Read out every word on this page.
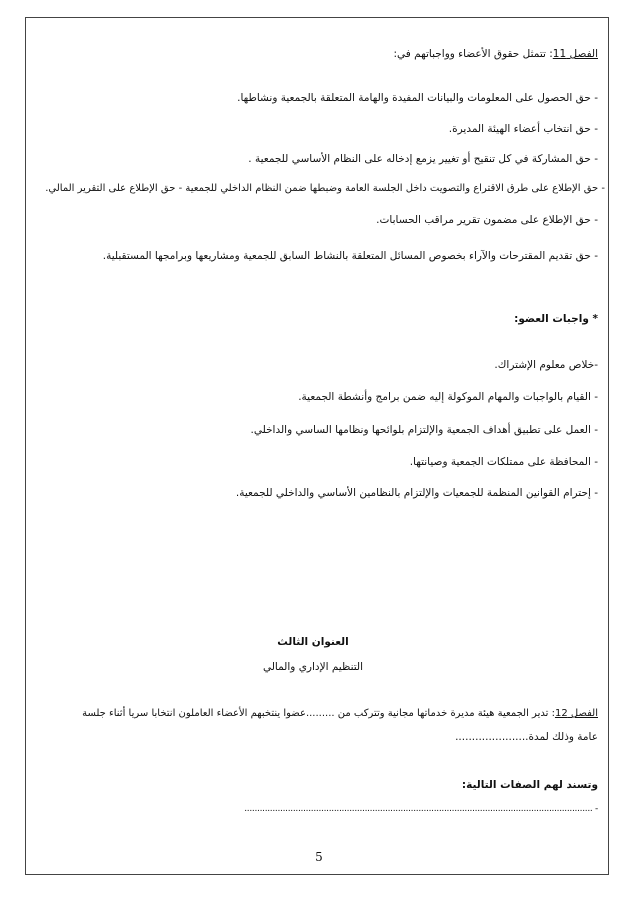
الفصل 11: تتمثل حقوق الأعضاء وواجباتهم في:
- حق الحصول على المعلومات والبيانات المفيدة والهامة المتعلقة بالجمعية ونشاطها.
- حق انتخاب أعضاء الهيئة المديرة.
- حق المشاركة في كل تنقيح أو تغيير يزمع إدخاله على النظام الأساسي للجمعية .
- حق الإطلاع على طرق الاقتراع والتصويت داخل الجلسة العامة وضبطها ضمن النظام الداخلي للجمعية - حق الإطلاع على التقرير المالي.
- حق الإطلاع على مضمون تقرير مراقب الحسابات.
- حق تقديم المقترحات والآراء بخصوص المسائل المتعلقة بالنشاط السابق للجمعية ومشاريعها وبرامجها المستقبلية.
* واجبات العضو:
-خلاص معلوم الإشتراك.
- القيام بالواجبات والمهام الموكولة إليه ضمن برامج وأنشطة الجمعية.
- العمل على تطبيق أهداف الجمعية والإلتزام بلوائحها ونظامها الساسي والداخلي.
- المحافظة على ممتلكات الجمعية وصيانتها.
- إحترام القوانين المنظمة للجمعيات والإلتزام بالنظامين الأساسي والداخلي للجمعية.
العنوان الثالث
التنظيم الإداري والمالي
الفصل 12: تدير الجمعية هيئة مديرة خدماتها مجانية وتتركب من .........عضوا ينتخبهم الأعضاء العاملون انتخابا سريا أثناء جلسة
عامة وذلك لمدة......................
وتسند لهم الصفات التالية:
- ........................................................................................................................................
5
